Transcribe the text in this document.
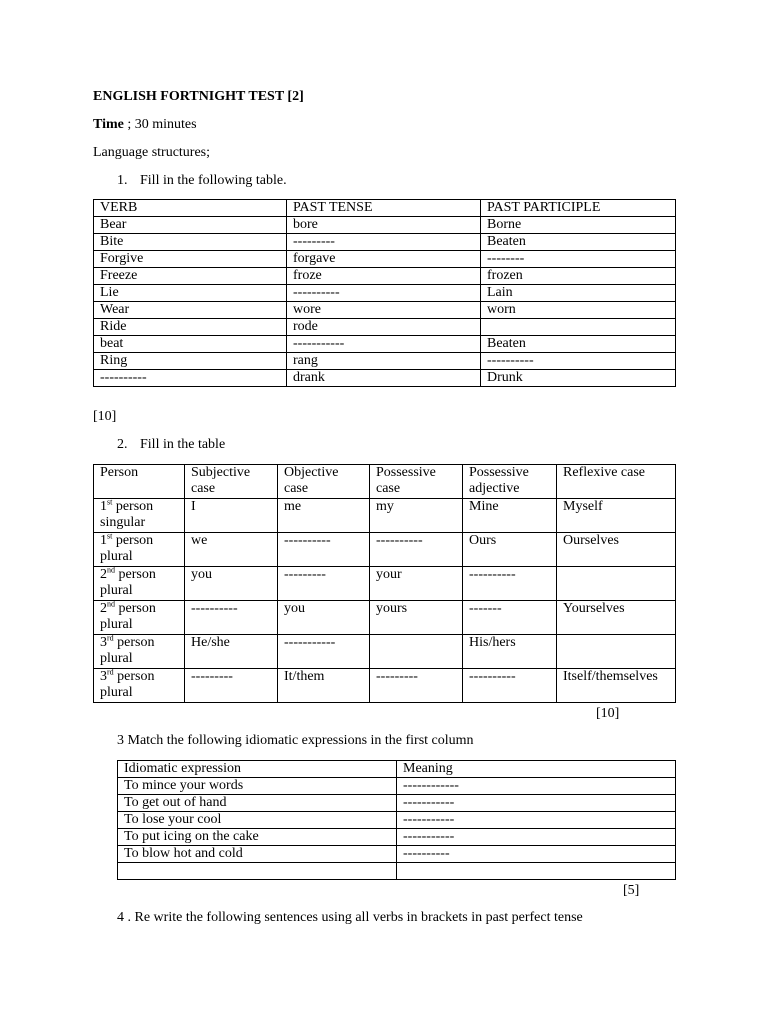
ENGLISH FORTNIGHT TEST [2]
Time ; 30 minutes
Language structures;
1. Fill in the following table.
VERB	PAST TENSE	PAST PARTICIPLE
Bear	bore	Borne
Bite	---------	Beaten
Forgive	forgave	--------
Freeze	froze	frozen
Lie	----------	Lain
Wear	wore	worn
Ride	rode	
beat	-----------	Beaten
Ring	rang	----------
----------	drank	Drunk
[10]
2. Fill in the table
Person	Subjective case	Objective case	Possessive case	Possessive adjective	Reflexive case
1st person singular	I	me	my	Mine	Myself
1st person plural	we	----------	----------	Ours	Ourselves
2nd person plural	you	---------	your	----------	
2nd person plural	----------	you	yours	-------	Yourselves
3rd person plural	He/she	-----------		His/hers	
3rd person plural	---------	It/them	---------	----------	Itself/themselves
[10]
3 Match the following idiomatic expressions in the first column
Idiomatic expression	Meaning
To mince your words	------------
To get out of hand	-----------
To lose your cool	-----------
To put icing on the cake	-----------
To blow hot and cold	----------

[5]
4 . Re write the following sentences using all verbs in brackets in past perfect tense
